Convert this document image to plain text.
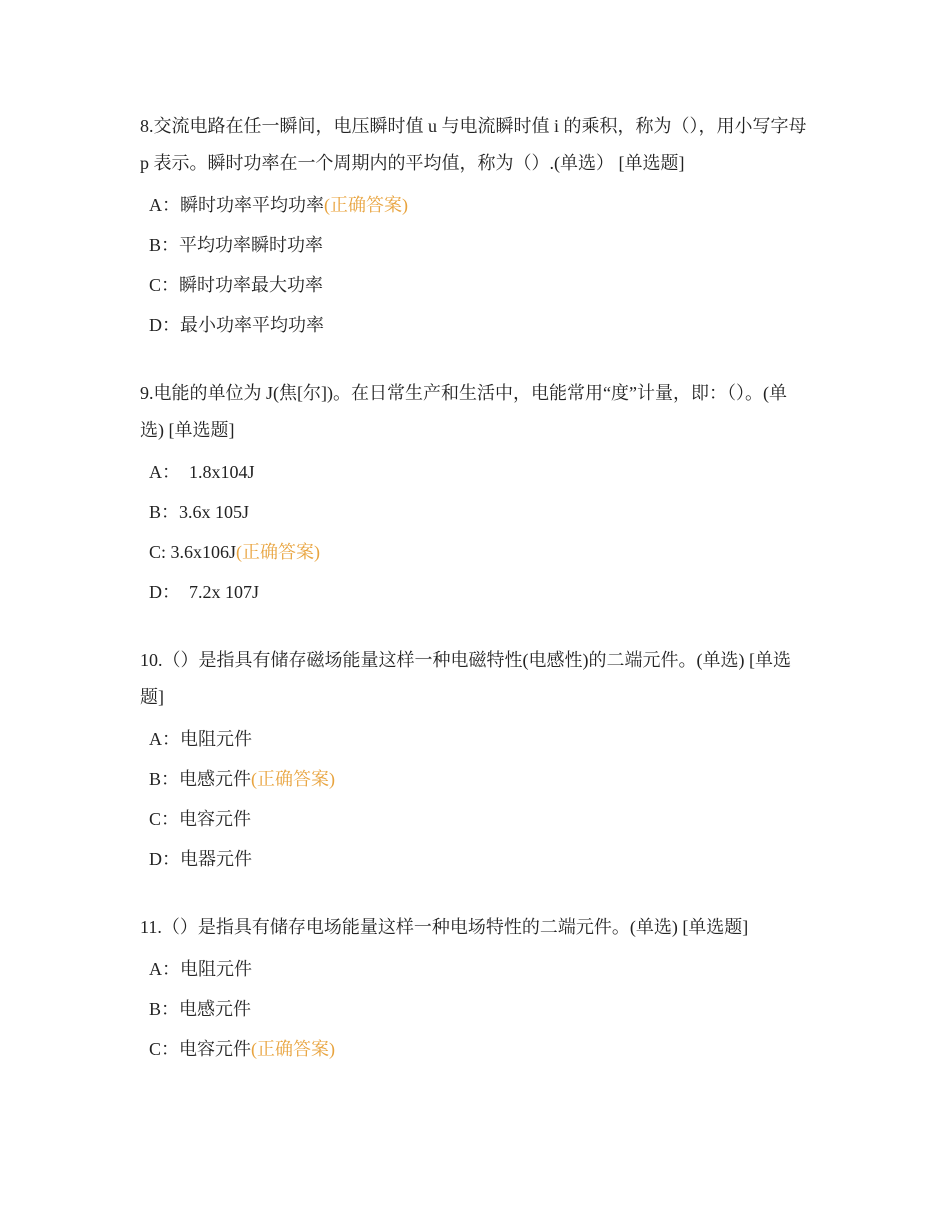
8.交流电路在任一瞬间，电压瞬时值 u 与电流瞬时值 i 的乘积，称为（），用小写字母 p 表示。瞬时功率在一个周期内的平均值，称为（）.(单选） [单选题]

A：瞬时功率平均功率(正确答案)
B：平均功率瞬时功率
C：瞬时功率最大功率
D：最小功率平均功率

9.电能的单位为 J(焦[尔])。在日常生产和生活中，电能常用“度”计量，即：（）。(单选) [单选题]

A：  1.8x104J
B：3.6x 105J
C: 3.6x106J(正确答案)
D：  7.2x 107J

10.（）是指具有储存磁场能量这样一种电磁特性(电感性)的二端元件。(单选) [单选题]

A：电阻元件
B：电感元件(正确答案)
C：电容元件
D：电器元件

11.（）是指具有储存电场能量这样一种电场特性的二端元件。(单选) [单选题]

A：电阻元件
B：电感元件
C：电容元件(正确答案)
